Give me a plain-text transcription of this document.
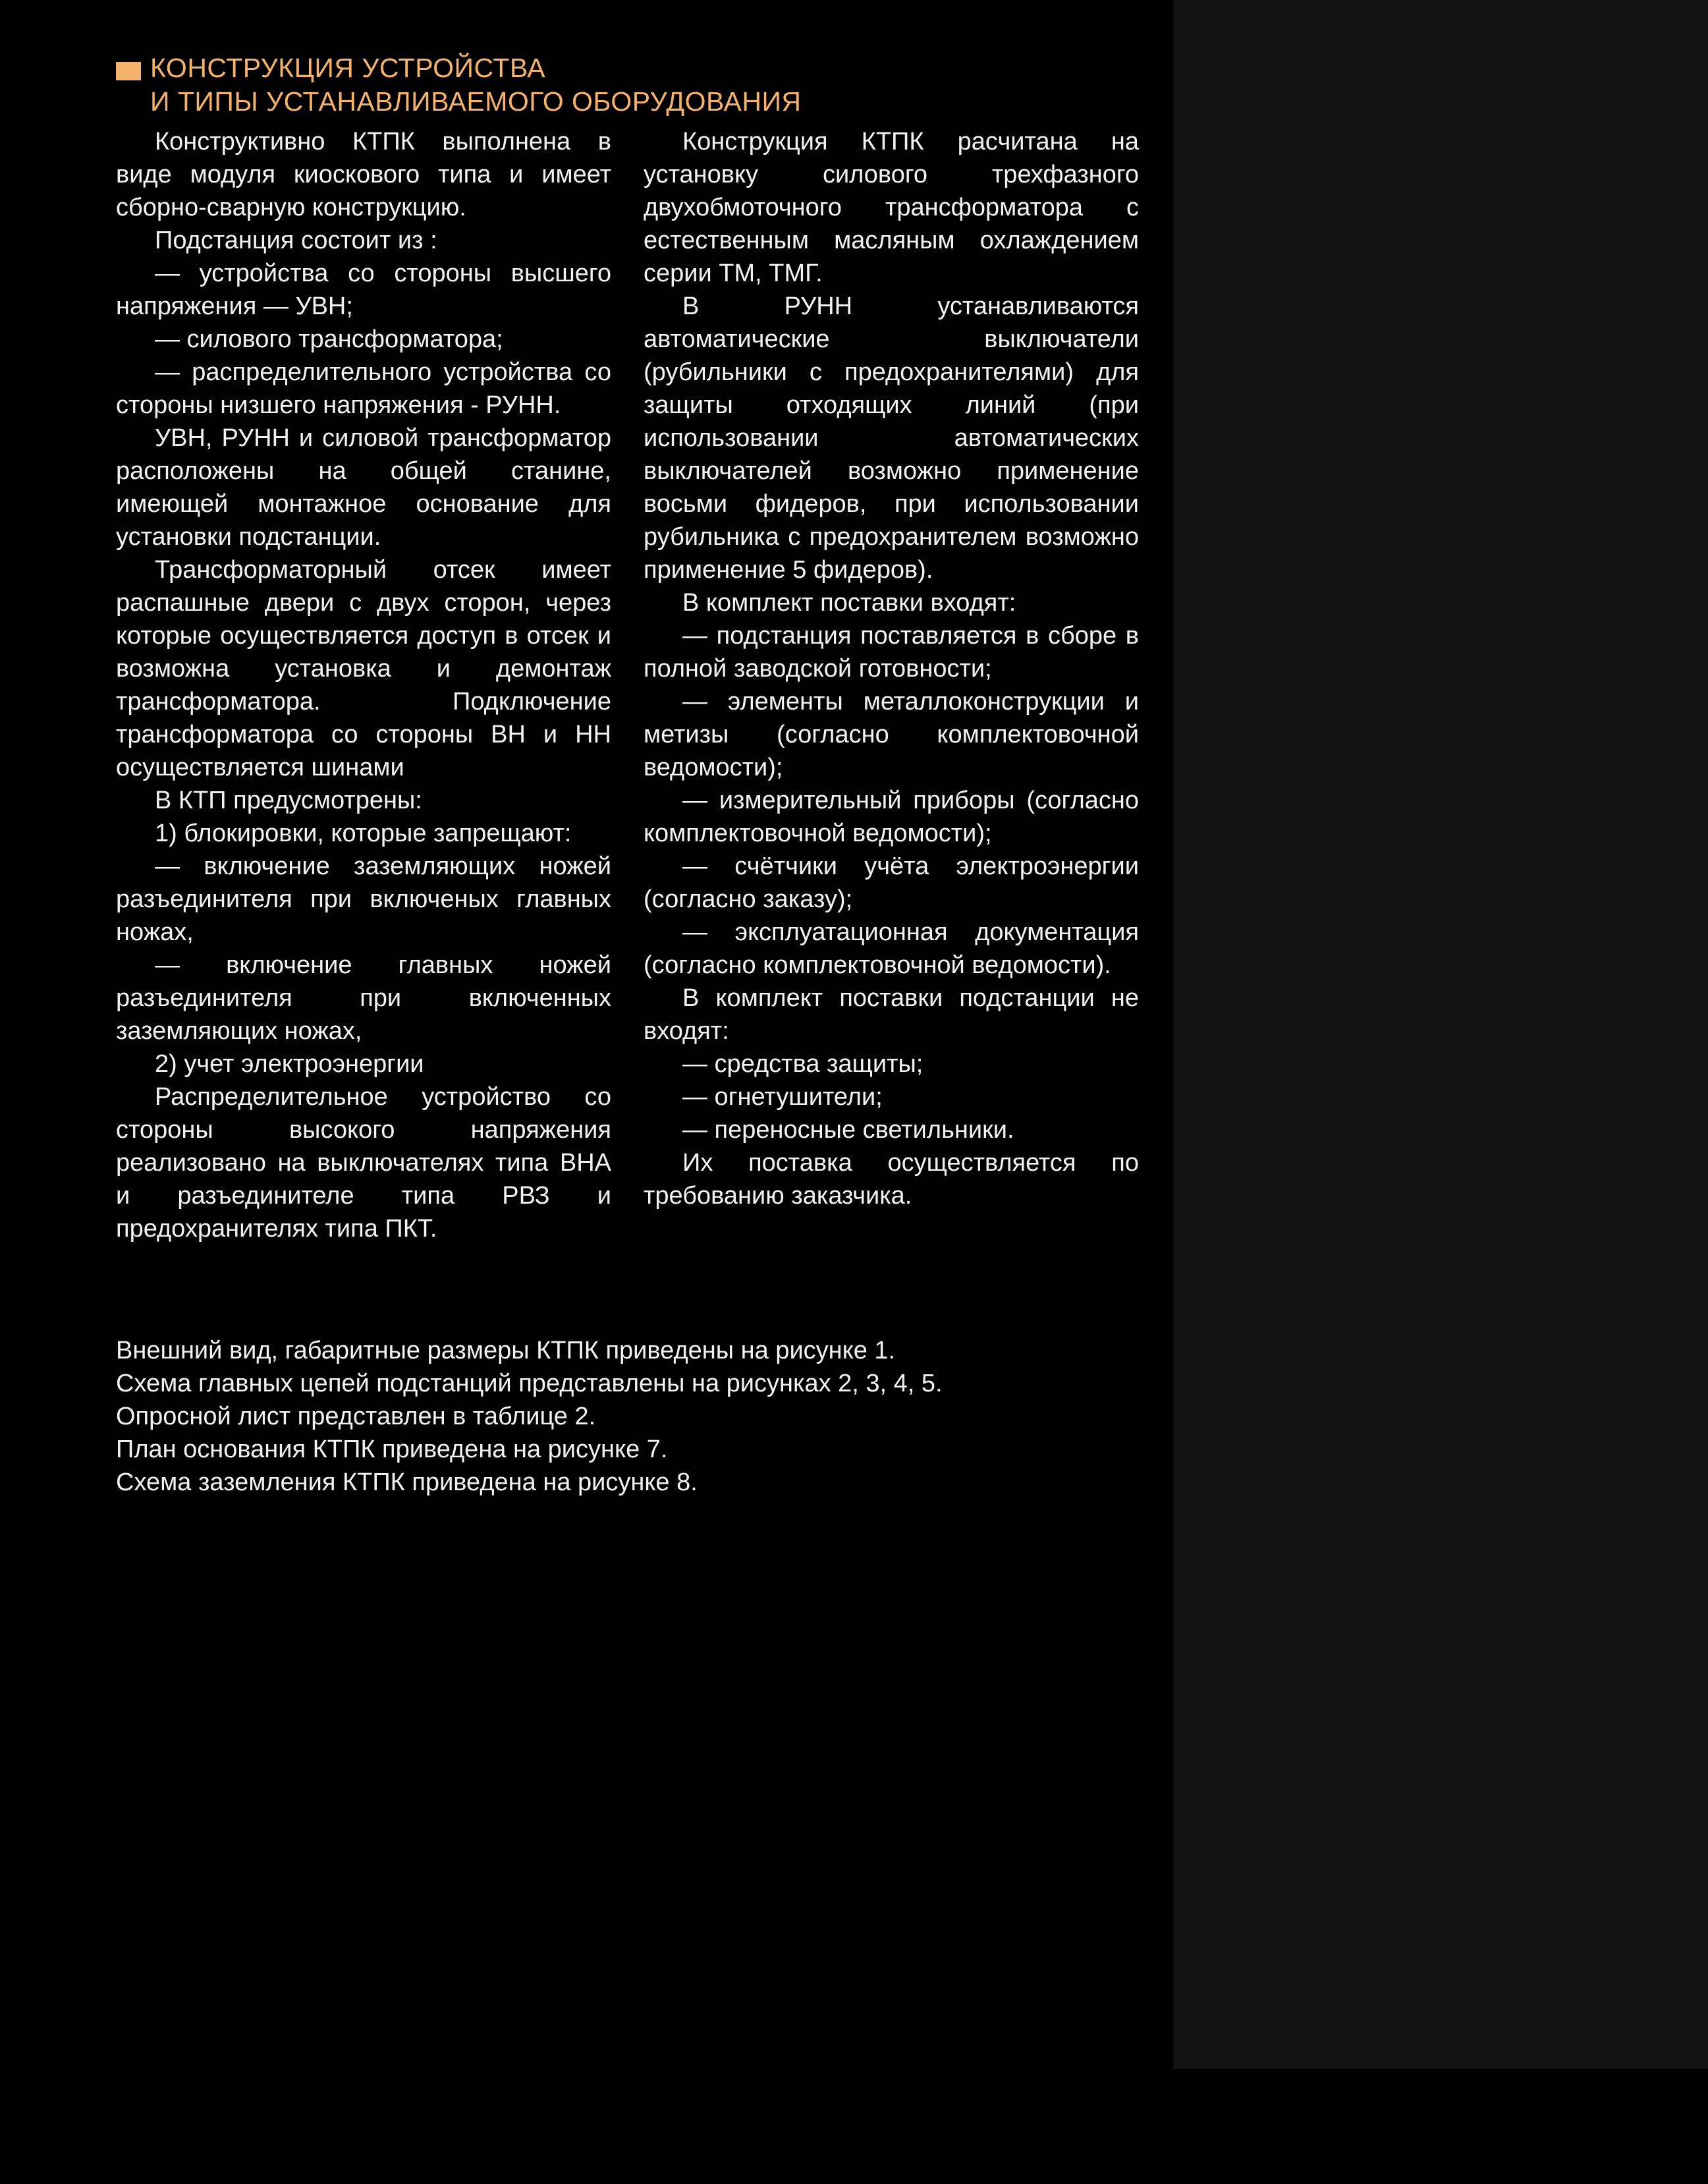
КОНСТРУКЦИЯ УСТРОЙСТВА
И ТИПЫ УСТАНАВЛИВАЕМОГО ОБОРУДОВАНИЯ

Конструктивно КТПК выполнена в виде модуля киоскового типа и имеет сборно-сварную конструкцию.

Подстанция состоит из :

— устройства со стороны высшего напряжения — УВН;

— силового трансформатора;

— распределительного устройства со стороны низшего напряжения - РУНН.

УВН, РУНН и силовой трансформатор расположены на общей станине, имеющей монтажное основание для установки подстанции.

Трансформаторный отсек имеет распашные двери с двух сторон, через которые осуществляется доступ в отсек и возможна установка и демонтаж трансформатора. Подключение трансформатора со стороны ВН и НН осуществляется шинами

В КТП предусмотрены:

1) блокировки, которые запрещают:

— включение заземляющих ножей разъединителя при включеных главных ножах,

— включение главных ножей разъединителя при включенных заземляющих ножах,

2) учет электроэнергии

Распределительное устройство со стороны высокого напряжения реализовано на выключателях типа ВНА и разъединителе типа РВЗ и предохранителях типа ПКТ.

Конструкция КТПК расчитана на установку силового трехфазного двухобмоточного трансформатора с естественным масляным охлаждением серии ТМ, ТМГ.

В РУНН устанавливаются автоматические выключатели (рубильники с предохранителями) для защиты отходящих линий (при использовании автоматических выключателей возможно применение восьми фидеров, при использовании рубильника с предохранителем возможно применение 5 фидеров).

В комплект поставки входят:

— подстанция поставляется в сборе в полной заводской готовности;

— элементы металлоконструкции и метизы (согласно комплектовочной ведомости);

— измерительный приборы (согласно комплектовочной ведомости);

— счётчики учёта электроэнергии (согласно заказу);

— эксплуатационная документация (согласно комплектовочной ведомости).

В комплект поставки подстанции не входят:

— средства защиты;

— огнетушители;

— переносные светильники.

Их поставка осуществляется по требованию заказчика.

Внешний вид, габаритные размеры КТПК приведены на рисунке 1.
Схема главных цепей подстанций представлены на рисунках 2, 3, 4, 5.
Опросной лист представлен в таблице 2.
План основания КТПК приведена на рисунке 7.
Схема заземления КТПК приведена на рисунке 8.
